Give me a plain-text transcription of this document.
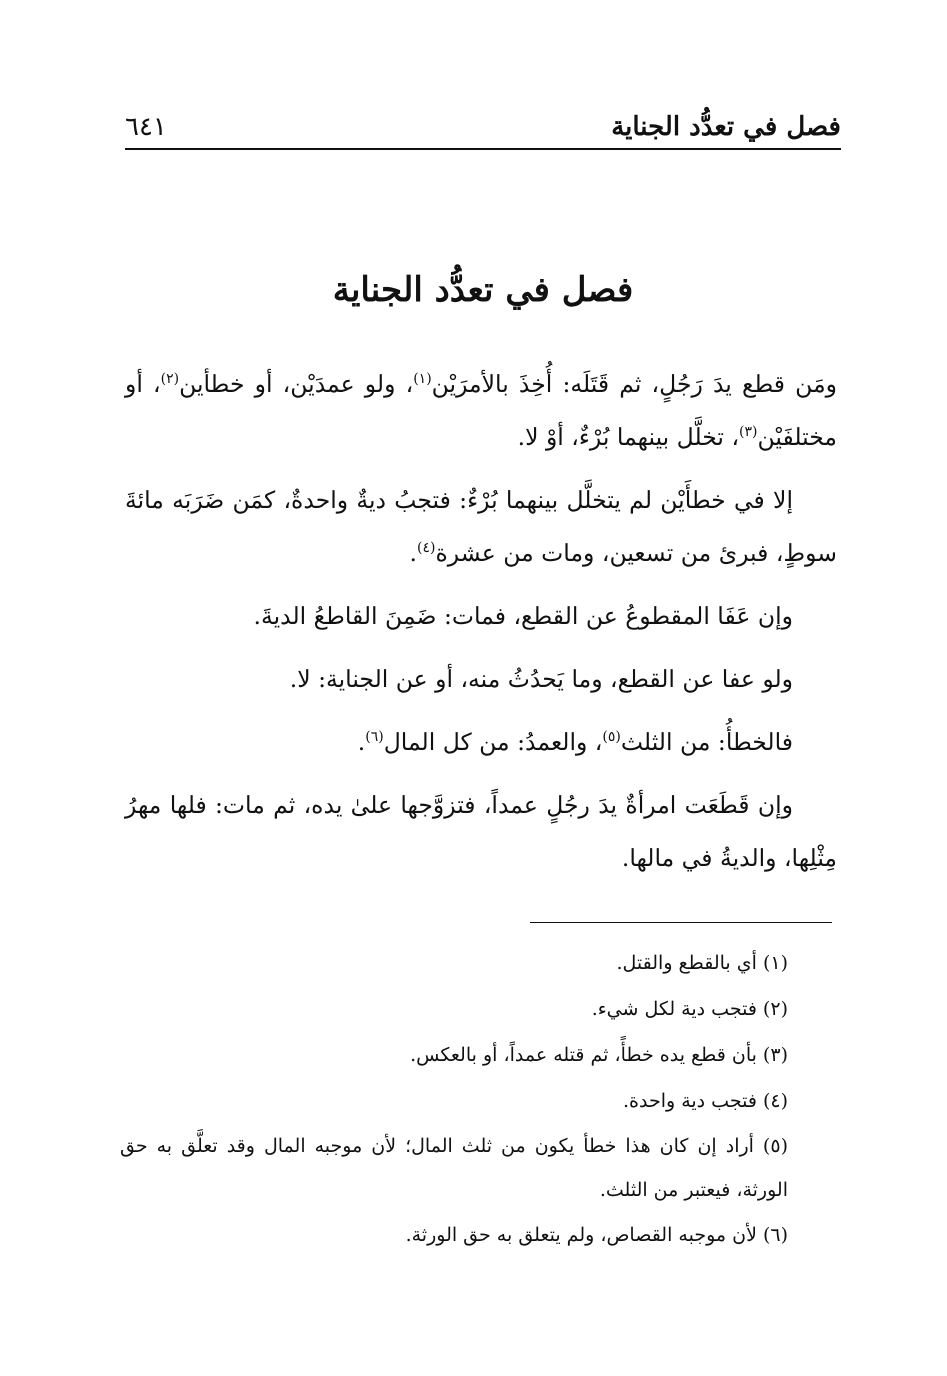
فصل في تعدُّد الجناية
٦٤١
فصل في تعدُّد الجناية

ومَن قطع يدَ رَجُلٍ، ثم قَتَلَه: أُخِذَ بالأمرَيْن$^{(١)}$، ولو عمدَيْن، أو خطأين$^{(٢)}$، أو مختلفَيْن$^{(٣)}$، تخلَّل بينهما بُرْءٌ، أوْ لا.

إلا في خطأَيْن لم يتخلَّل بينهما بُرْءٌ: فتجبُ ديةٌ واحدةٌ، كمَن ضَرَبَه مائةَ سوطٍ، فبرئ من تسعين، ومات من عشرة$^{(٤)}$.

وإن عَفَا المقطوعُ عن القطع، فمات: ضَمِنَ القاطعُ الديةَ.

ولو عفا عن القطع، وما يَحدُثُ منه، أو عن الجناية: لا.

فالخطأُ: من الثلث$^{(٥)}$، والعمدُ: من كل المال$^{(٦)}$.

وإن قَطَعَت امرأةٌ يدَ رجُلٍ عمداً، فتزوَّجها علىٰ يده، ثم مات: فلها مهرُ مِثْلِها، والديةُ في مالها.

(١) أي بالقطع والقتل.

(٢) فتجب دية لكل شيء.

(٣) بأن قطع يده خطأً، ثم قتله عمداً، أو بالعكس.

(٤) فتجب دية واحدة.

(٥) أراد إن كان هذا خطأ يكون من ثلث المال؛ لأن موجبه المال وقد تعلَّق به حق الورثة، فيعتبر من الثلث.

(٦) لأن موجبه القصاص، ولم يتعلق به حق الورثة.
